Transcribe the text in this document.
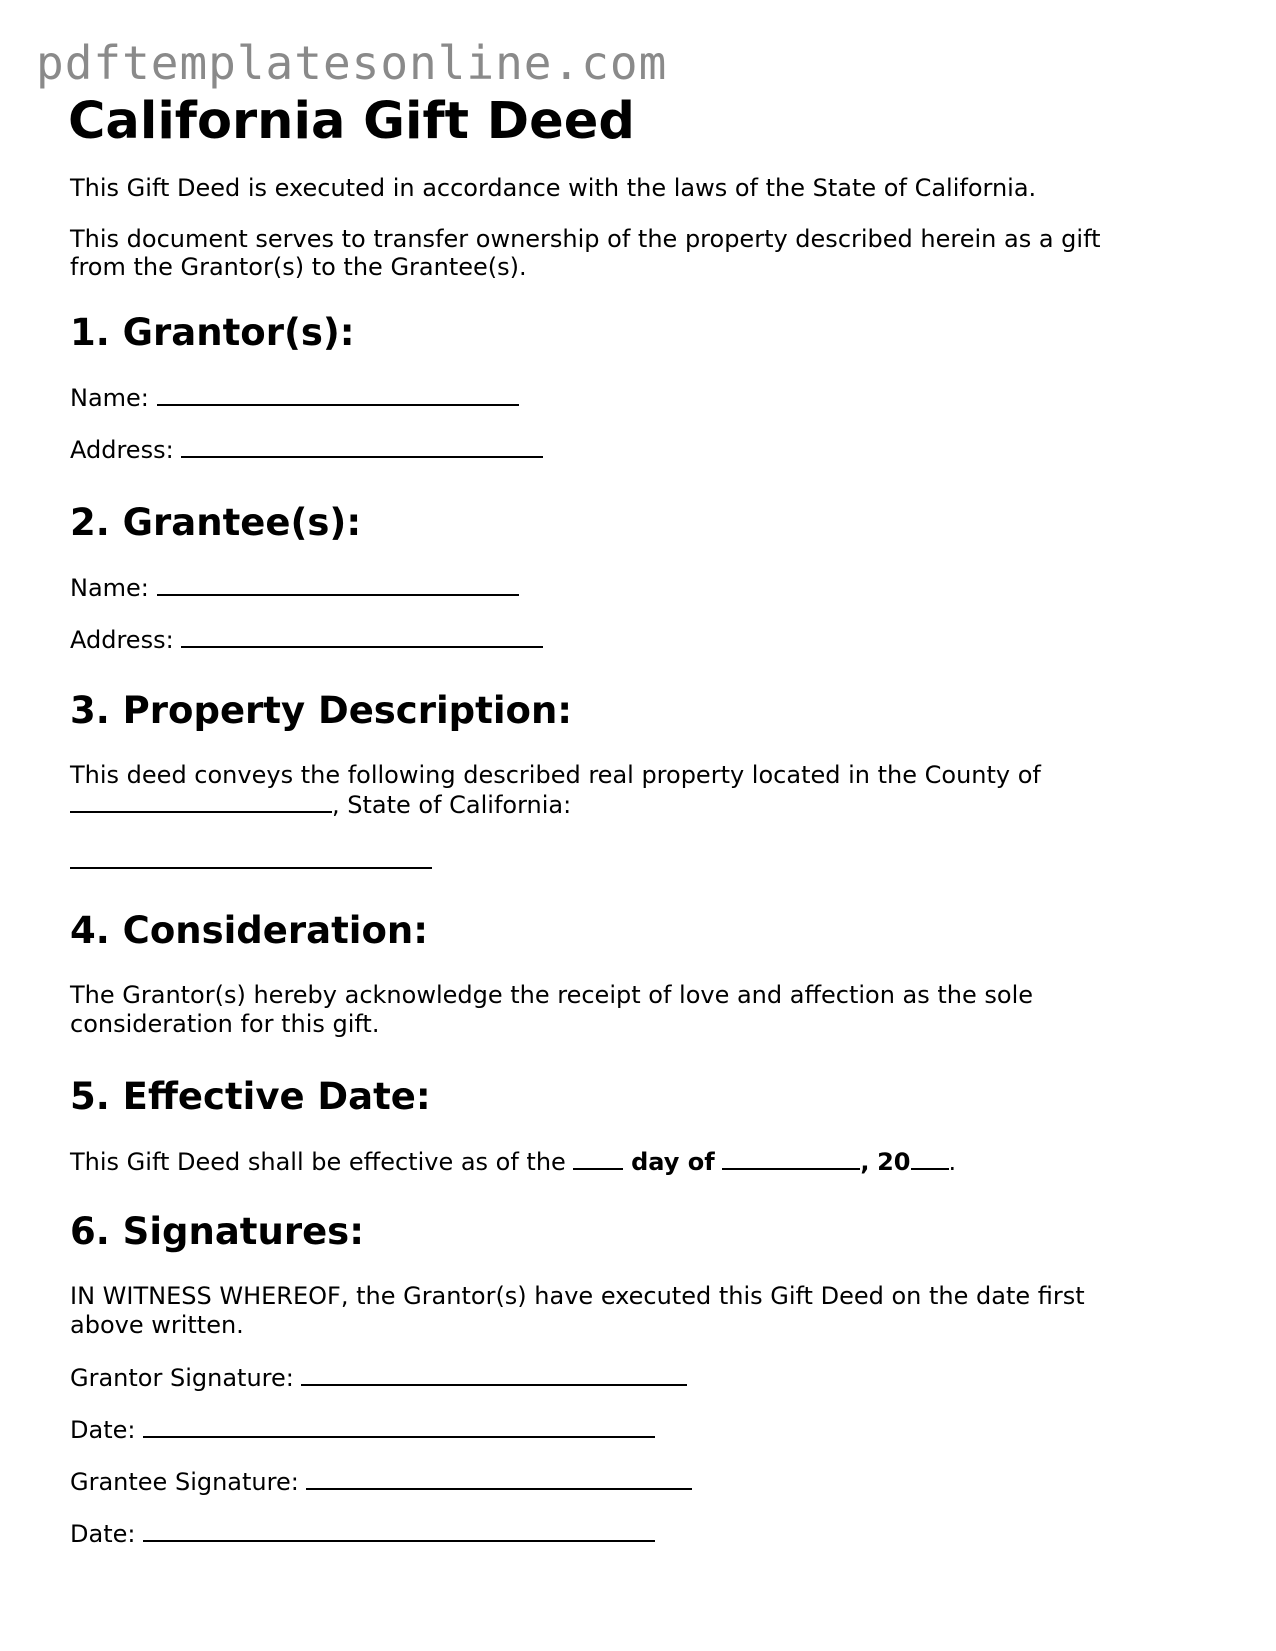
pdftemplatesonline.com
California Gift Deed

This Gift Deed is executed in accordance with the laws of the State of California.

This document serves to transfer ownership of the property described herein as a gift

from the Grantor(s) to the Grantee(s).

1. Grantor(s):

Name:

Address:

2. Grantee(s):

Name:

Address:

3. Property Description:

This deed conveys the following described real property located in the County of

, State of California:

4. Consideration:

The Grantor(s) hereby acknowledge the receipt of love and affection as the sole

consideration for this gift.

5. Effective Date:

This Gift Deed shall be effective as of the	day of	, 20 .

6. Signatures:

IN WITNESS WHEREOF, the Grantor(s) have executed this Gift Deed on the date first

above written.

Grantor Signature:

Date:

Grantee Signature:

Date:
